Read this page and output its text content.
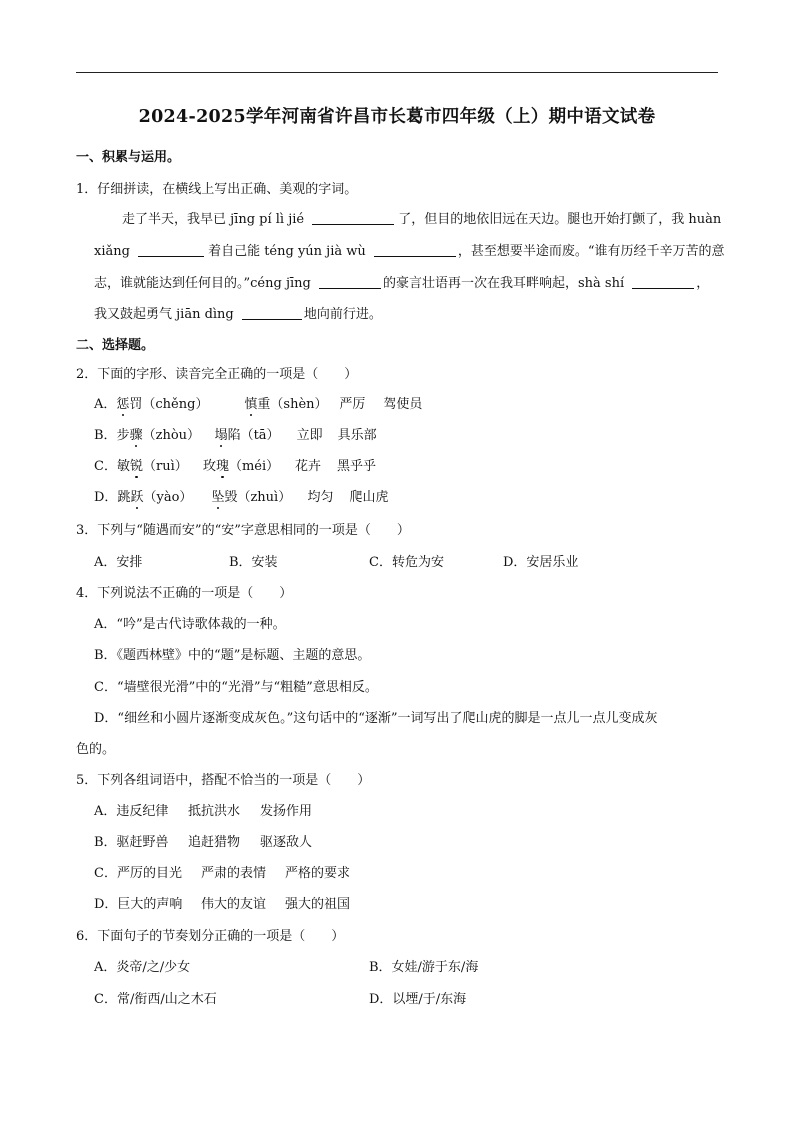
2024-2025学年河南省许昌市长葛市四年级（上）期中语文试卷
一、积累与运用。
1．仔细拼读，在横线上写出正确、美观的字词。
走了半天，我早已 jīng pí lì jié	了，但目的地依旧远在天边。腿也开始打颤了，我 huàn
xiǎng	着自己能 téng yún jià wù	，甚至想要半途而废。“谁有历经千辛万苦的意
志，谁就能达到任何目的。”céng jīng	的豪言壮语再一次在我耳畔响起，shà shí	，
我又鼓起勇气 jiān dìng	地向前行进。
二、选择题。
2．下面的字形、读音完全正确的一项是（　　）
A．惩罚（chěng）	慎重（shèn） 严厉 驾使员
B．步骤（zhòu） 塌陷（tā） 立即 具乐部
C．敏锐（ruì） 玫瑰（méi） 花卉 黑乎乎
D．跳跃（yào） 坠毁（zhuì） 均匀 爬山虎
3．下列与“随遇而安”的“安”字意思相同的一项是（　　）
A．安排	B．安装	C．转危为安	D．安居乐业
4．下列说法不正确的一项是（　　）
A．“吟”是古代诗歌体裁的一种。
B．《题西林壁》中的“题”是标题、主题的意思。
C．“墙壁很光滑”中的“光滑”与“粗糙”意思相反。
D．“细丝和小圆片逐渐变成灰色。”这句话中的“逐渐”一词写出了爬山虎的脚是一点儿一点儿变成灰
色的。
5．下列各组词语中，搭配不恰当的一项是（　　）
A．违反纪律 抵抗洪水 发扬作用
B．驱赶野兽 追赶猎物 驱逐敌人
C．严厉的目光 严肃的表情 严格的要求
D．巨大的声响 伟大的友谊 强大的祖国
6．下面句子的节奏划分正确的一项是（　　）
A．炎帝/之/少女	B．女娃/游于东/海
C．常/衔西/山之木石	D．以堙/于/东海
